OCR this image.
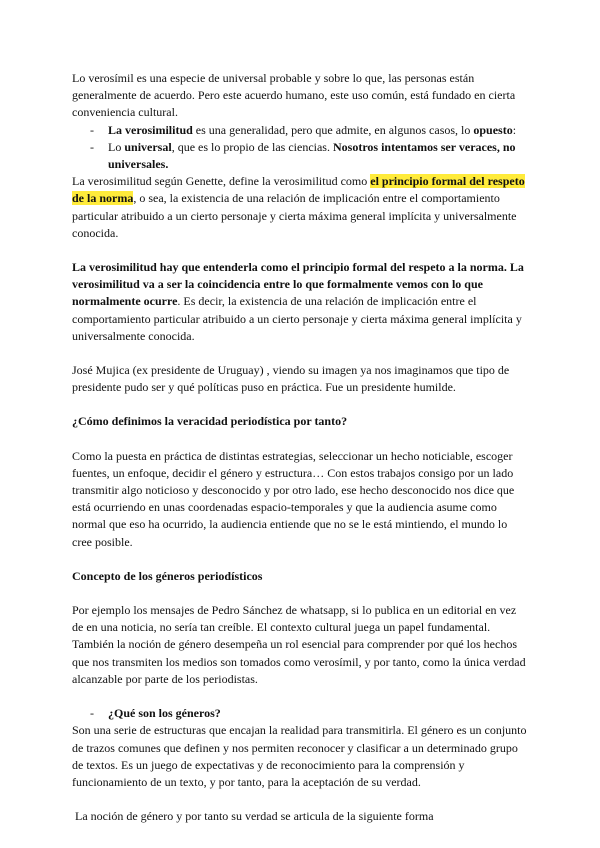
Lo verosímil es una especie de universal probable y sobre lo que, las personas están generalmente de acuerdo. Pero este acuerdo humano, este uso común, está fundado en cierta conveniencia cultural.

- La verosimilitud es una generalidad, pero que admite, en algunos casos, lo opuesto:
- Lo universal, que es lo propio de las ciencias. Nosotros intentamos ser veraces, no universales.

La verosimilitud según Genette, define la verosimilitud como el principio formal del respeto de la norma, o sea, la existencia de una relación de implicación entre el comportamiento particular atribuido a un cierto personaje y cierta máxima general implícita y universalmente conocida.

La verosimilitud hay que entenderla como el principio formal del respeto a la norma. La verosimilitud va a ser la coincidencia entre lo que formalmente vemos con lo que normalmente ocurre. Es decir, la existencia de una relación de implicación entre el comportamiento particular atribuido a un cierto personaje y cierta máxima general implícita y universalmente conocida.

José Mujica (ex presidente de Uruguay) , viendo su imagen ya nos imaginamos que tipo de presidente pudo ser y qué políticas puso en práctica. Fue un presidente humilde.

¿Cómo definimos la veracidad periodística por tanto?

Como la puesta en práctica de distintas estrategias, seleccionar un hecho noticiable, escoger fuentes, un enfoque, decidir el género y estructura… Con estos trabajos consigo por un lado transmitir algo noticioso y desconocido y por otro lado, ese hecho desconocido nos dice que está ocurriendo en unas coordenadas espacio-temporales y que la audiencia asume como normal que eso ha ocurrido, la audiencia entiende que no se le está mintiendo, el mundo lo cree posible.

Concepto de los géneros periodísticos

Por ejemplo los mensajes de Pedro Sánchez de whatsapp, si lo publica en un editorial en vez de en una noticia, no sería tan creíble. El contexto cultural juega un papel fundamental. También la noción de género desempeña un rol esencial para comprender por qué los hechos que nos transmiten los medios son tomados como verosímil, y por tanto, como la única verdad alcanzable por parte de los periodistas.

- ¿Qué son los géneros?

Son una serie de estructuras que encajan la realidad para transmitirla. El género es un conjunto de trazos comunes que definen y nos permiten reconocer y clasificar a un determinado grupo de textos. Es un juego de expectativas y de reconocimiento para la comprensión y funcionamiento de un texto, y por tanto, para la aceptación de su verdad.

La noción de género y por tanto su verdad se articula de la siguiente forma
